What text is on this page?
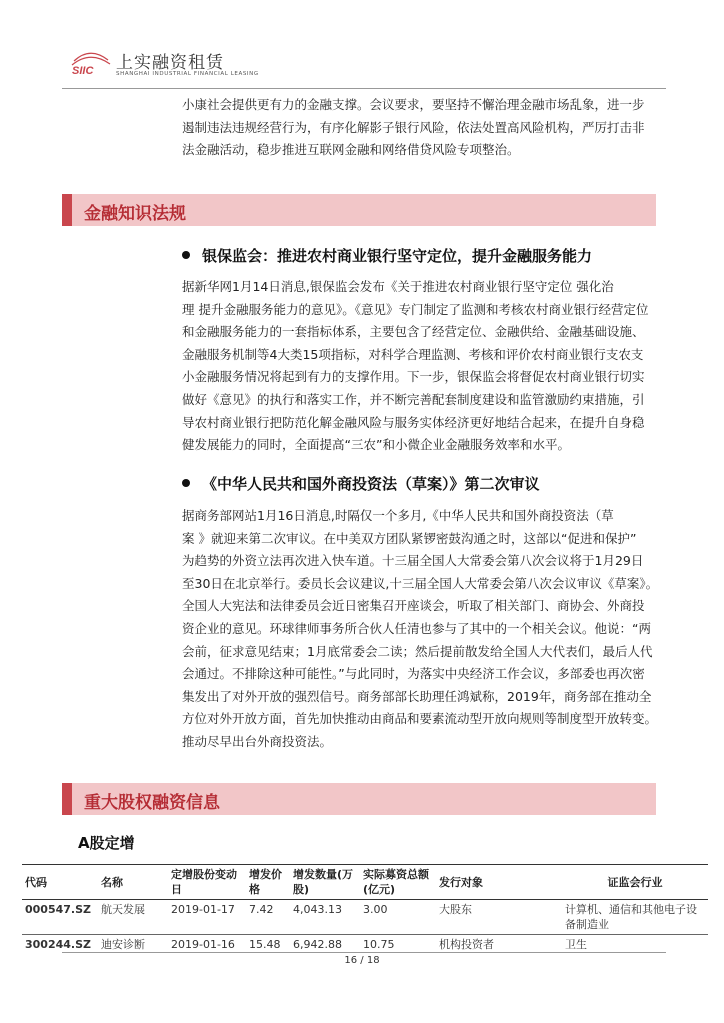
SIIC 上实融资租赁
SHANGHAI INDUSTRIAL FINANCIAL LEASING
小康社会提供更有力的金融支撑。会议要求，要坚持不懈治理金融市场乱象，进一步
遏制违法违规经营行为，有序化解影子银行风险，依法处置高风险机构，严厉打击非
法金融活动，稳步推进互联网金融和网络借贷风险专项整治。
金融知识法规
银保监会：推进农村商业银行坚守定位，提升金融服务能力
据新华网1月14日消息,银保监会发布《关于推进农村商业银行坚守定位 强化治
理 提升金融服务能力的意见》。《意见》专门制定了监测和考核农村商业银行经营定位
和金融服务能力的一套指标体系，主要包含了经营定位、金融供给、金融基础设施、
金融服务机制等4大类15项指标，对科学合理监测、考核和评价农村商业银行支农支
小金融服务情况将起到有力的支撑作用。下一步，银保监会将督促农村商业银行切实
做好《意见》的执行和落实工作，并不断完善配套制度建设和监管激励约束措施，引
导农村商业银行把防范化解金融风险与服务实体经济更好地结合起来，在提升自身稳
健发展能力的同时，全面提高“三农”和小微企业金融服务效率和水平。
《中华人民共和国外商投资法（草案）》第二次审议
据商务部网站1月16日消息,时隔仅一个多月,《中华人民共和国外商投资法（草
案 》就迎来第二次审议。在中美双方团队紧锣密鼓沟通之时，这部以“促进和保护”
为趋势的外资立法再次进入快车道。十三届全国人大常委会第八次会议将于1月29日
至30日在北京举行。委员长会议建议,十三届全国人大常委会第八次会议审议《草案》。
全国人大宪法和法律委员会近日密集召开座谈会，听取了相关部门、商协会、外商投
资企业的意见。环球律师事务所合伙人任清也参与了其中的一个相关会议。他说：“两
会前，征求意见结束；1月底常委会二读；然后提前散发给全国人大代表们，最后人代
会通过。不排除这种可能性。”与此同时，为落实中央经济工作会议，多部委也再次密
集发出了对外开放的强烈信号。商务部部长助理任鸿斌称，2019年，商务部在推动全
方位对外开放方面，首先加快推动由商品和要素流动型开放向规则等制度型开放转变。
推动尽早出台外商投资法。
重大股权融资信息
A股定增
代码	名称	定增股份变动日	增发价格	增发数量(万股)	实际募资总额(亿元)	发行对象	证监会行业
000547.SZ	航天发展	2019-01-17	7.42	4,043.13	3.00	大股东	计算机、通信和其他电子设备制造业
300244.SZ	迪安诊断	2019-01-16	15.48	6,942.88	10.75	机构投资者	卫生
16 / 18
